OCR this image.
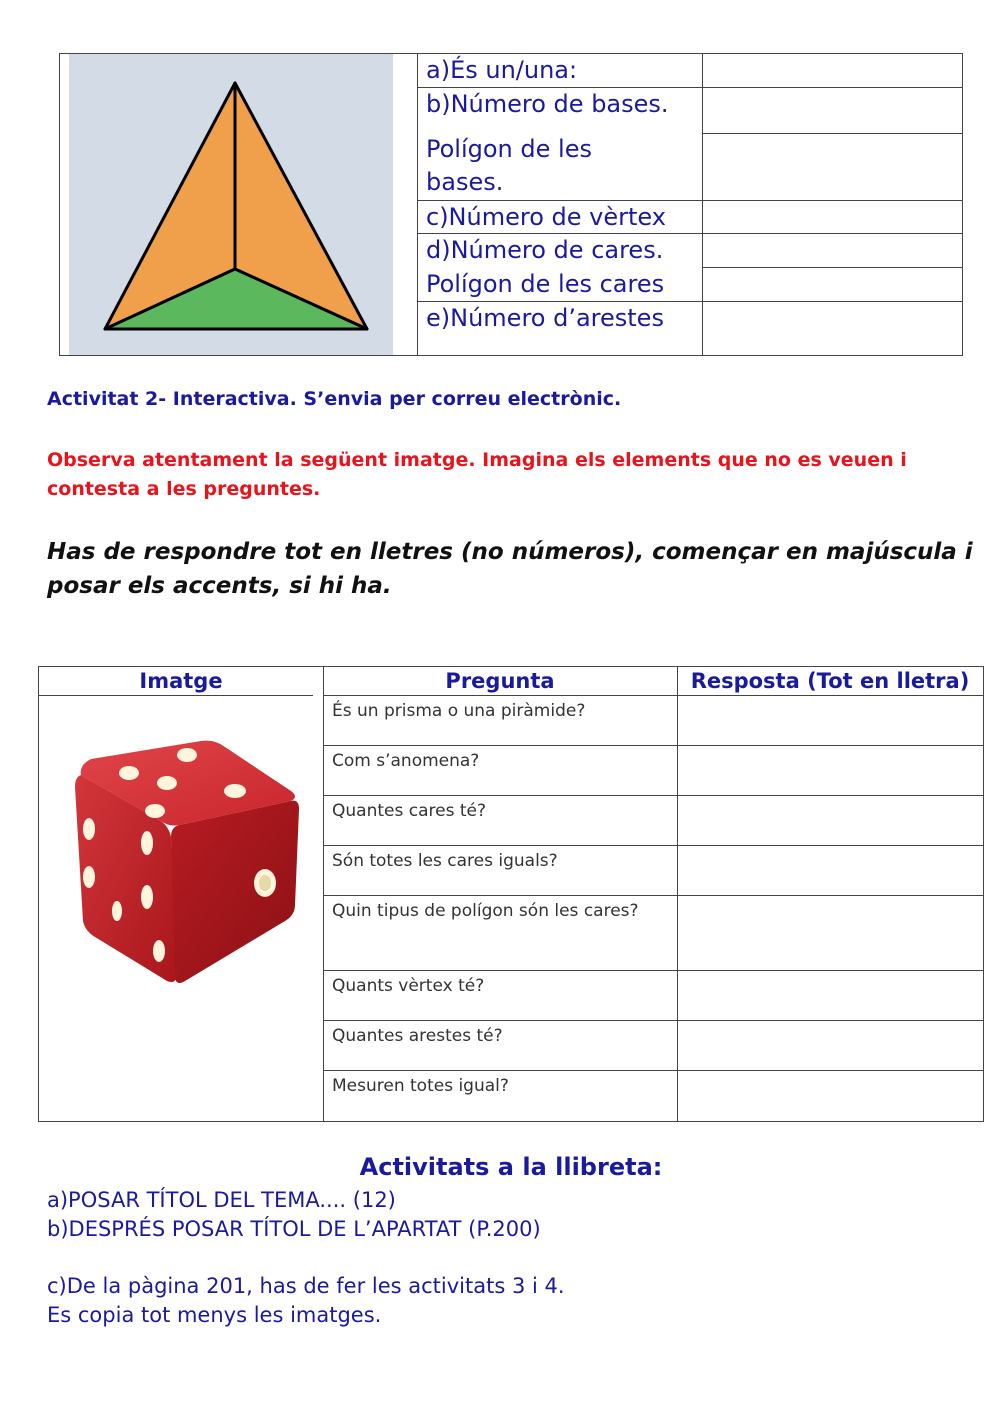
a)És un/una:
b)Número de bases.
Polígon de les
bases.
c)Número de vèrtex
d)Número de cares.
Polígon de les cares
e)Número d’arestes
Activitat 2- Interactiva. S’envia per correu electrònic.
Observa atentament la següent imatge. Imagina els elements que no es veuen i contesta a les preguntes.
Has de respondre tot en lletres (no números), començar en majúscula i posar els accents, si hi ha.
Imatge	Pregunta	Resposta (Tot en lletra)
És un prisma o una piràmide?
Com s’anomena?
Quantes cares té?
Són totes les cares iguals?
Quin tipus de polígon són les cares?
Quants vèrtex té?
Quantes arestes té?
Mesuren totes igual?
Activitats a la llibreta:
a)POSAR TÍTOL DEL TEMA.... (12)
b)DESPRÉS POSAR TÍTOL DE L’APARTAT (P.200)
c)De la pàgina 201, has de fer les activitats 3 i 4.
Es copia tot menys les imatges.
